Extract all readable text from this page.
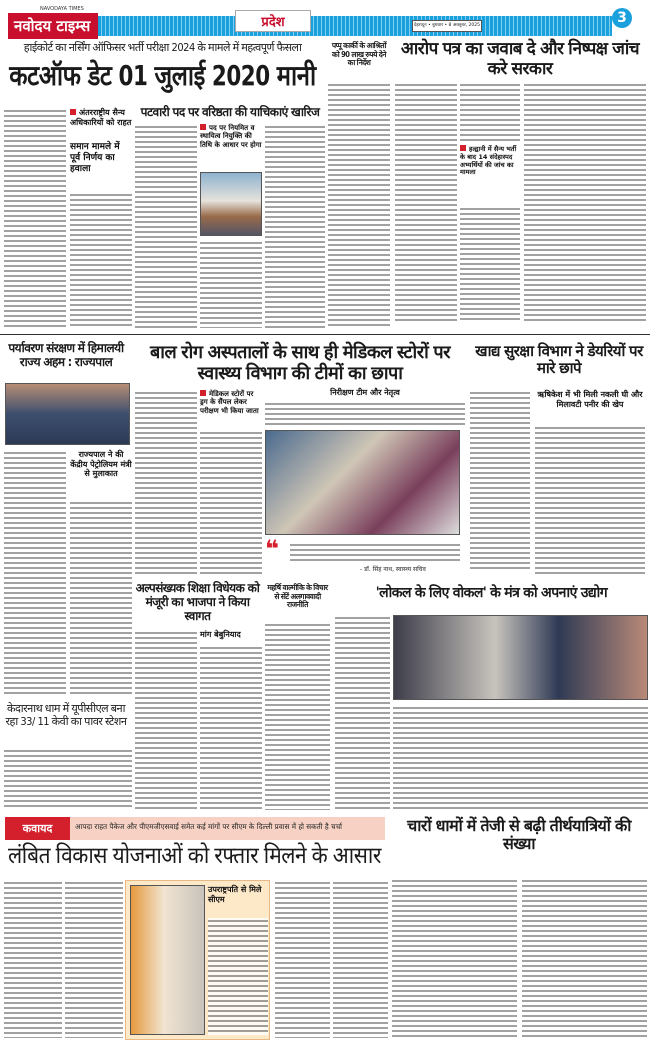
NAVODAYA TIMES
नवोदय टाइम्स	प्रदेश	देहरादून • बुधवार • 8 अक्तूबर, 2025	3
हाईकोर्ट का नर्सिंग ऑफिसर भर्ती परीक्षा 2024 के मामले में महत्वपूर्ण फैसला
कटऑफ डेट 01 जुलाई 2020 मानी
अंतरराष्ट्रीय सैन्य अधिकारियों को राहत
समान मामले में पूर्व निर्णय का हवाला
पटवारी पद पर वरिष्ठता की याचिकाएं खारिज
पद पर नियमित व स्थायित्व नियुक्ति की तिथि के आधार पर होगा
पप्पू कार्की के आश्रितों को 90 लाख रुपये देने का निर्देश
आरोप पत्र का जवाब दे और निष्पक्ष जांच करे सरकार
हल्द्वानी में सैन्य भर्ती के बाद 14 संदेहास्पद अभ्यर्थियों की जांच का मामला
पर्यावरण संरक्षण में हिमालयी राज्य अहम : राज्यपाल
राज्यपाल ने की केंद्रीय पेट्रोलियम मंत्री से मुलाकात
बाल रोग अस्पतालों के साथ ही मेडिकल स्टोरों पर स्वास्थ्य विभाग की टीमों का छापा
मेडिकल स्टोरों पर ड्रग के सैंपल लेकर परीक्षण भी किया जाता
निरीक्षण टीम और नेतृत्व
❝
- डॉ. सिंह नाथ, स्वास्थ्य सचिव
खाद्य सुरक्षा विभाग ने डेयरियों पर मारे छापे
ऋषिकेश में भी मिली नकली घी और मिलावटी पनीर की खेप
अल्पसंख्यक शिक्षा विधेयक को मंजूरी का भाजपा ने किया स्वागत
मांग बेबुनियाद
महर्षि वाल्मीकि के विचार से सेंटें अलगाववादी राजनीति
'लोकल के लिए वोकल' के मंत्र को अपनाएं उद्योग
केदारनाथ धाम में यूपीसीएल बना रहा 33/ 11 केवी का पावर स्टेशन
कवायद	आपदा राहत पैकेज और पीएमजीएसवाई समेत कई मांगों पर सीएम के दिल्ली प्रवास में हो सकती है चर्चा	चारों धामों में तेजी से बढ़ी तीर्थयात्रियों की संख्या
लंबित विकास योजनाओं को रफ्तार मिलने के आसार
उपराष्ट्रपति से मिले सीएम
